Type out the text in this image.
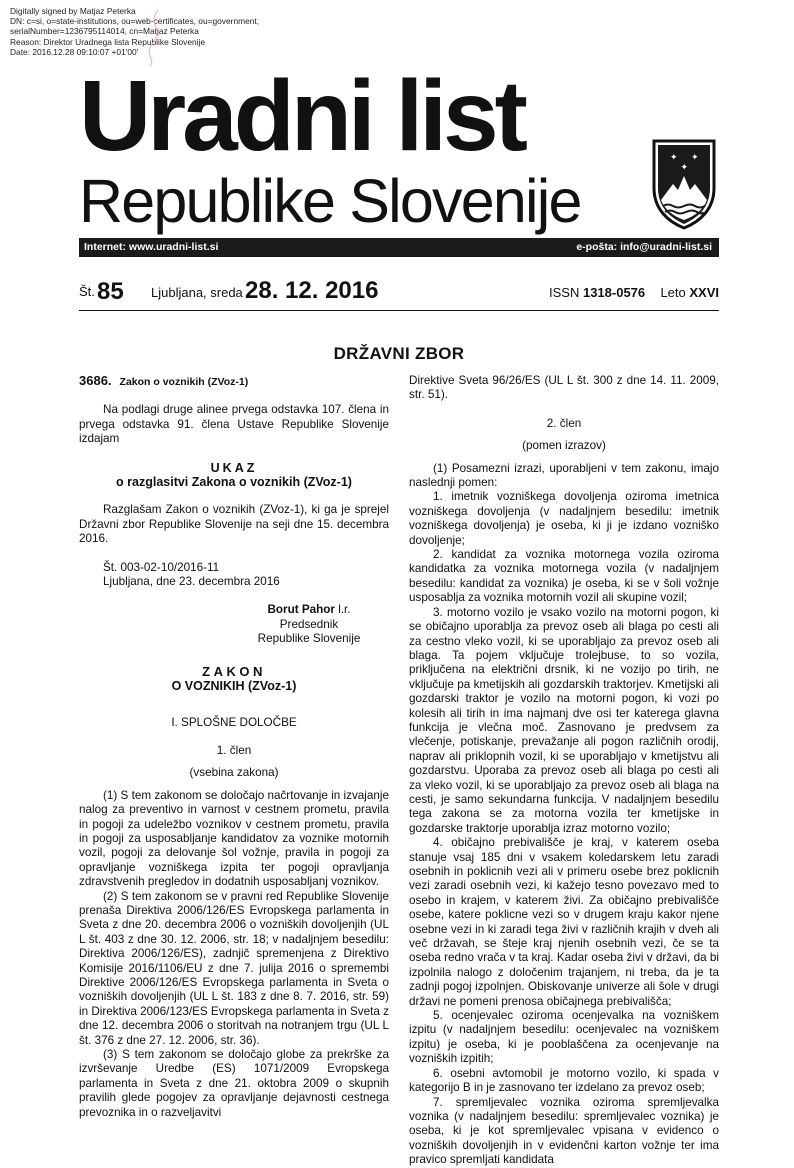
Digitally signed by Matjaz Peterka
DN: c=si, o=state-institutions, ou=web-certificates, ou=government,
serialNumber=1236795114014, cn=Matjaz Peterka
Reason: Direktor Uradnega lista Republike Slovenije
Date: 2016.12.28 09:10:07 +01'00'
Uradni list
Republike Slovenije
✦ ✦
✦
Internet: www.uradni-list.si	e-pošta: info@uradni-list.si
Št. 85 Ljubljana, sreda 28. 12. 2016	ISSN 1318-0576 Leto XXVI
DRŽAVNI ZBOR
3686. Zakon o voznikih (ZVoz-1)

Na podlagi druge alinee prvega odstavka 107. člena in prvega odstavka 91. člena Ustave Republike Slovenije izdajam

UKAZ
o razglasitvi Zakona o voznikih (ZVoz-1)

Razglašam Zakon o voznikih (ZVoz-1), ki ga je sprejel Državni zbor Republike Slovenije na seji dne 15. decembra 2016.

Št. 003-02-10/2016-11

Ljubljana, dne 23. decembra 2016

Borut Pahor l.r.
Predsednik
Republike Slovenije
ZAKON
O VOZNIKIH (ZVoz-1)

I. SPLOŠNE DOLOČBE

1. člen

(vsebina zakona)

(1) S tem zakonom se določajo načrtovanje in izvajanje nalog za preventivo in varnost v cestnem prometu, pravila in pogoji za udeležbo voznikov v cestnem prometu, pravila in pogoji za usposabljanje kandidatov za voznike motornih vozil, pogoji za delovanje šol vožnje, pravila in pogoji za opravljanje vozniškega izpita ter pogoji opravljanja zdravstvenih pregledov in dodatnih usposabljanj voznikov.

(2) S tem zakonom se v pravni red Republike Slovenije prenaša Direktiva 2006/126/ES Evropskega parlamenta in Sveta z dne 20. decembra 2006 o vozniških dovoljenjih (UL L št. 403 z dne 30. 12. 2006, str. 18; v nadaljnjem besedilu: Direktiva 2006/126/ES), zadnjič spremenjena z Direktivo Komisije 2016/1106/EU z dne 7. julija 2016 o spremembi Direktive 2006/126/ES Evropskega parlamenta in Sveta o vozniških dovoljenjih (UL L št. 183 z dne 8. 7. 2016, str. 59) in Direktiva 2006/123/ES Evropskega parlamenta in Sveta z dne 12. decembra 2006 o storitvah na notranjem trgu (UL L št. 376 z dne 27. 12. 2006, str. 36).

(3) S tem zakonom se določajo globe za prekrške za izvrševanje Uredbe (ES) 1071/2009 Evropskega parlamenta in Sveta z dne 21. oktobra 2009 o skupnih pravilih glede pogojev za opravljanje dejavnosti cestnega prevoznika in o razveljavitvi

Direktive Sveta 96/26/ES (UL L št. 300 z dne 14. 11. 2009, str. 51).

2. člen

(pomen izrazov)

(1) Posamezni izrazi, uporabljeni v tem zakonu, imajo naslednji pomen:

1. imetnik vozniškega dovoljenja oziroma imetnica vozniškega dovoljenja (v nadaljnjem besedilu: imetnik vozniškega dovoljenja) je oseba, ki ji je izdano vozniško dovoljenje;

2. kandidat za voznika motornega vozila oziroma kandidatka za voznika motornega vozila (v nadaljnjem besedilu: kandidat za voznika) je oseba, ki se v šoli vožnje usposablja za voznika motornih vozil ali skupine vozil;

3. motorno vozilo je vsako vozilo na motorni pogon, ki se običajno uporablja za prevoz oseb ali blaga po cesti ali za cestno vleko vozil, ki se uporabljajo za prevoz oseb ali blaga. Ta pojem vključuje trolejbuse, to so vozila, priključena na električni drsnik, ki ne vozijo po tirih, ne vključuje pa kmetijskih ali gozdarskih traktorjev. Kmetijski ali gozdarski traktor je vozilo na motorni pogon, ki vozi po kolesih ali tirih in ima najmanj dve osi ter katerega glavna funkcija je vlečna moč. Zasnovano je predvsem za vlečenje, potiskanje, prevažanje ali pogon različnih orodij, naprav ali priklopnih vozil, ki se uporabljajo v kmetijstvu ali gozdarstvu. Uporaba za prevoz oseb ali blaga po cesti ali za vleko vozil, ki se uporabljajo za prevoz oseb ali blaga na cesti, je samo sekundarna funkcija. V nadaljnjem besedilu tega zakona se za motorna vozila ter kmetijske in gozdarske traktorje uporablja izraz motorno vozilo;

4. običajno prebivališče je kraj, v katerem oseba stanuje vsaj 185 dni v vsakem koledarskem letu zaradi osebnih in poklicnih vezi ali v primeru osebe brez poklicnih vezi zaradi osebnih vezi, ki kažejo tesno povezavo med to osebo in krajem, v katerem živi. Za običajno prebivališče osebe, katere poklicne vezi so v drugem kraju kakor njene osebne vezi in ki zaradi tega živi v različnih krajih v dveh ali več državah, se šteje kraj njenih osebnih vezi, če se ta oseba redno vrača v ta kraj. Kadar oseba živi v državi, da bi izpolnila nalogo z določenim trajanjem, ni treba, da je ta zadnji pogoj izpolnjen. Obiskovanje univerze ali šole v drugi državi ne pomeni prenosa običajnega prebivališča;

5. ocenjevalec oziroma ocenjevalka na vozniškem izpitu (v nadaljnjem besedilu: ocenjevalec na vozniškem izpitu) je oseba, ki je pooblaščena za ocenjevanje na vozniških izpitih;

6. osebni avtomobil je motorno vozilo, ki spada v kategorijo B in je zasnovano ter izdelano za prevoz oseb;

7. spremljevalec voznika oziroma spremljevalka voznika (v nadaljnjem besedilu: spremljevalec voznika) je oseba, ki je kot spremljevalec vpisana v evidenco o vozniških dovoljenjih in v evidenčni karton vožnje ter ima pravico spremljati kandidata
